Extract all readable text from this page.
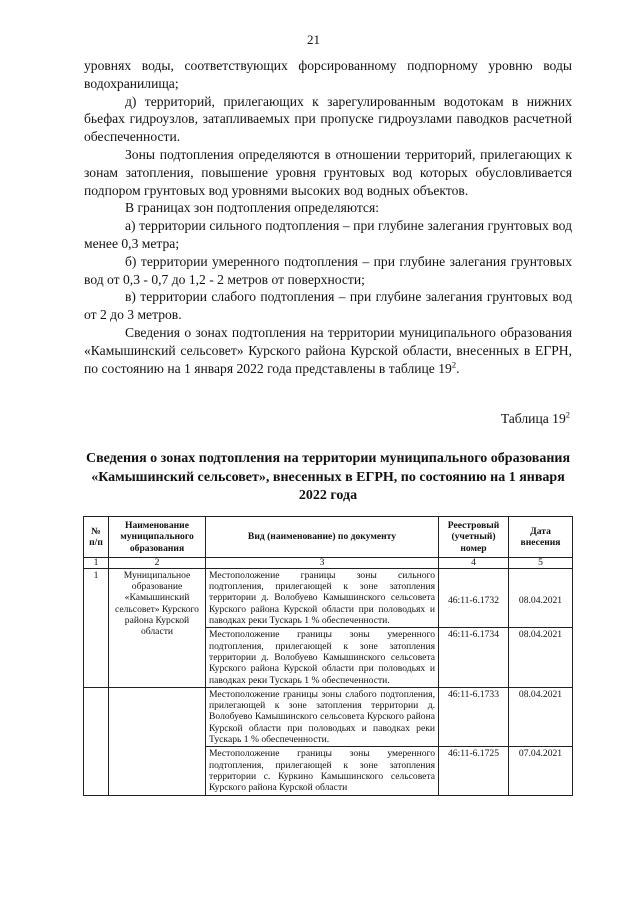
21

уровнях воды, соответствующих форсированному подпорному уровню воды водохранилища;

д) территорий, прилегающих к зарегулированным водотокам в нижних бьефах гидроузлов, затапливаемых при пропуске гидроузлами паводков расчетной обеспеченности.

Зоны подтопления определяются в отношении территорий, прилегающих к зонам затопления, повышение уровня грунтовых вод которых обусловливается подпором грунтовых вод уровнями высоких вод водных объектов.

В границах зон подтопления определяются:

а) территории сильного подтопления – при глубине залегания грунтовых вод менее 0,3 метра;

б) территории умеренного подтопления – при глубине залегания грунтовых вод от 0,3 - 0,7 до 1,2 - 2 метров от поверхности;

в) территории слабого подтопления – при глубине залегания грунтовых вод от 2 до 3 метров.

Сведения о зонах подтопления на территории муниципального образования «Камышинский сельсовет» Курского района Курской области, внесенных в ЕГРН, по состоянию на 1 января 2022 года представлены в таблице $19^2$.

Таблица $19^2$
Сведения о зонах подтопления на территории муниципального образования «Камышинский сельсовет», внесенных в ЕГРН, по состоянию на 1 января 2022 года
№ п/п	Наименование муниципального образования	Вид (наименование) по документу	Реестровый (учетный) номер	Дата внесения
1	2	3	4	5
1	Муниципальное образование «Камышинский сельсовет» Курского района Курской области	Местоположение границы зоны сильного подтопления, прилегающей к зоне затопления территории д. Волобуево Камышинского сельсовета Курского района Курской области при половодьях и паводках реки Тускарь 1 % обеспеченности.	46:11-6.1732	08.04.2021
		Местоположение границы зоны умеренного подтопления, прилегающей к зоне затопления территории д. Волобуево Камышинского сельсовета Курского района Курской области при половодьях и паводках реки Тускарь 1 % обеспеченности.	46:11-6.1734	08.04.2021
		Местоположение границы зоны слабого подтопления, прилегающей к зоне затопления территории д. Волобуево Камышинского сельсовета Курского района Курской области при половодьях и паводках реки Тускарь 1 % обеспеченности.	46:11-6.1733	08.04.2021
		Местоположение границы зоны умеренного подтопления, прилегающей к зоне затопления территории с. Куркино Камышинского сельсовета Курского района Курской области	46:11-6.1725	07.04.2021
